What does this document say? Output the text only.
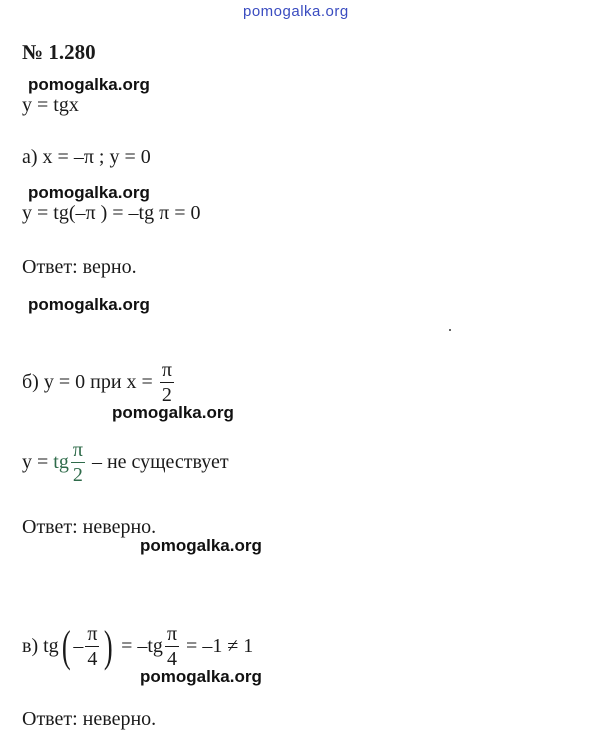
pomogalka.org
№ 1.280
pomogalka.org
y = tgx
а) x = –π ; y = 0
pomogalka.org
y = tg(–π ) = –tg π = 0
Ответ: верно.
pomogalka.org
б) y = 0 при $x = \frac{\pi}{2}$
pomogalka.org
y = tg $\frac{\pi}{2}$ – не существует
Ответ: неверно.
pomogalka.org
в) tg ( – $\frac{\pi}{4}$ ) = $-tg \frac{\pi}{4} = -1 \ne 1$
pomogalka.org
Ответ: неверно.
